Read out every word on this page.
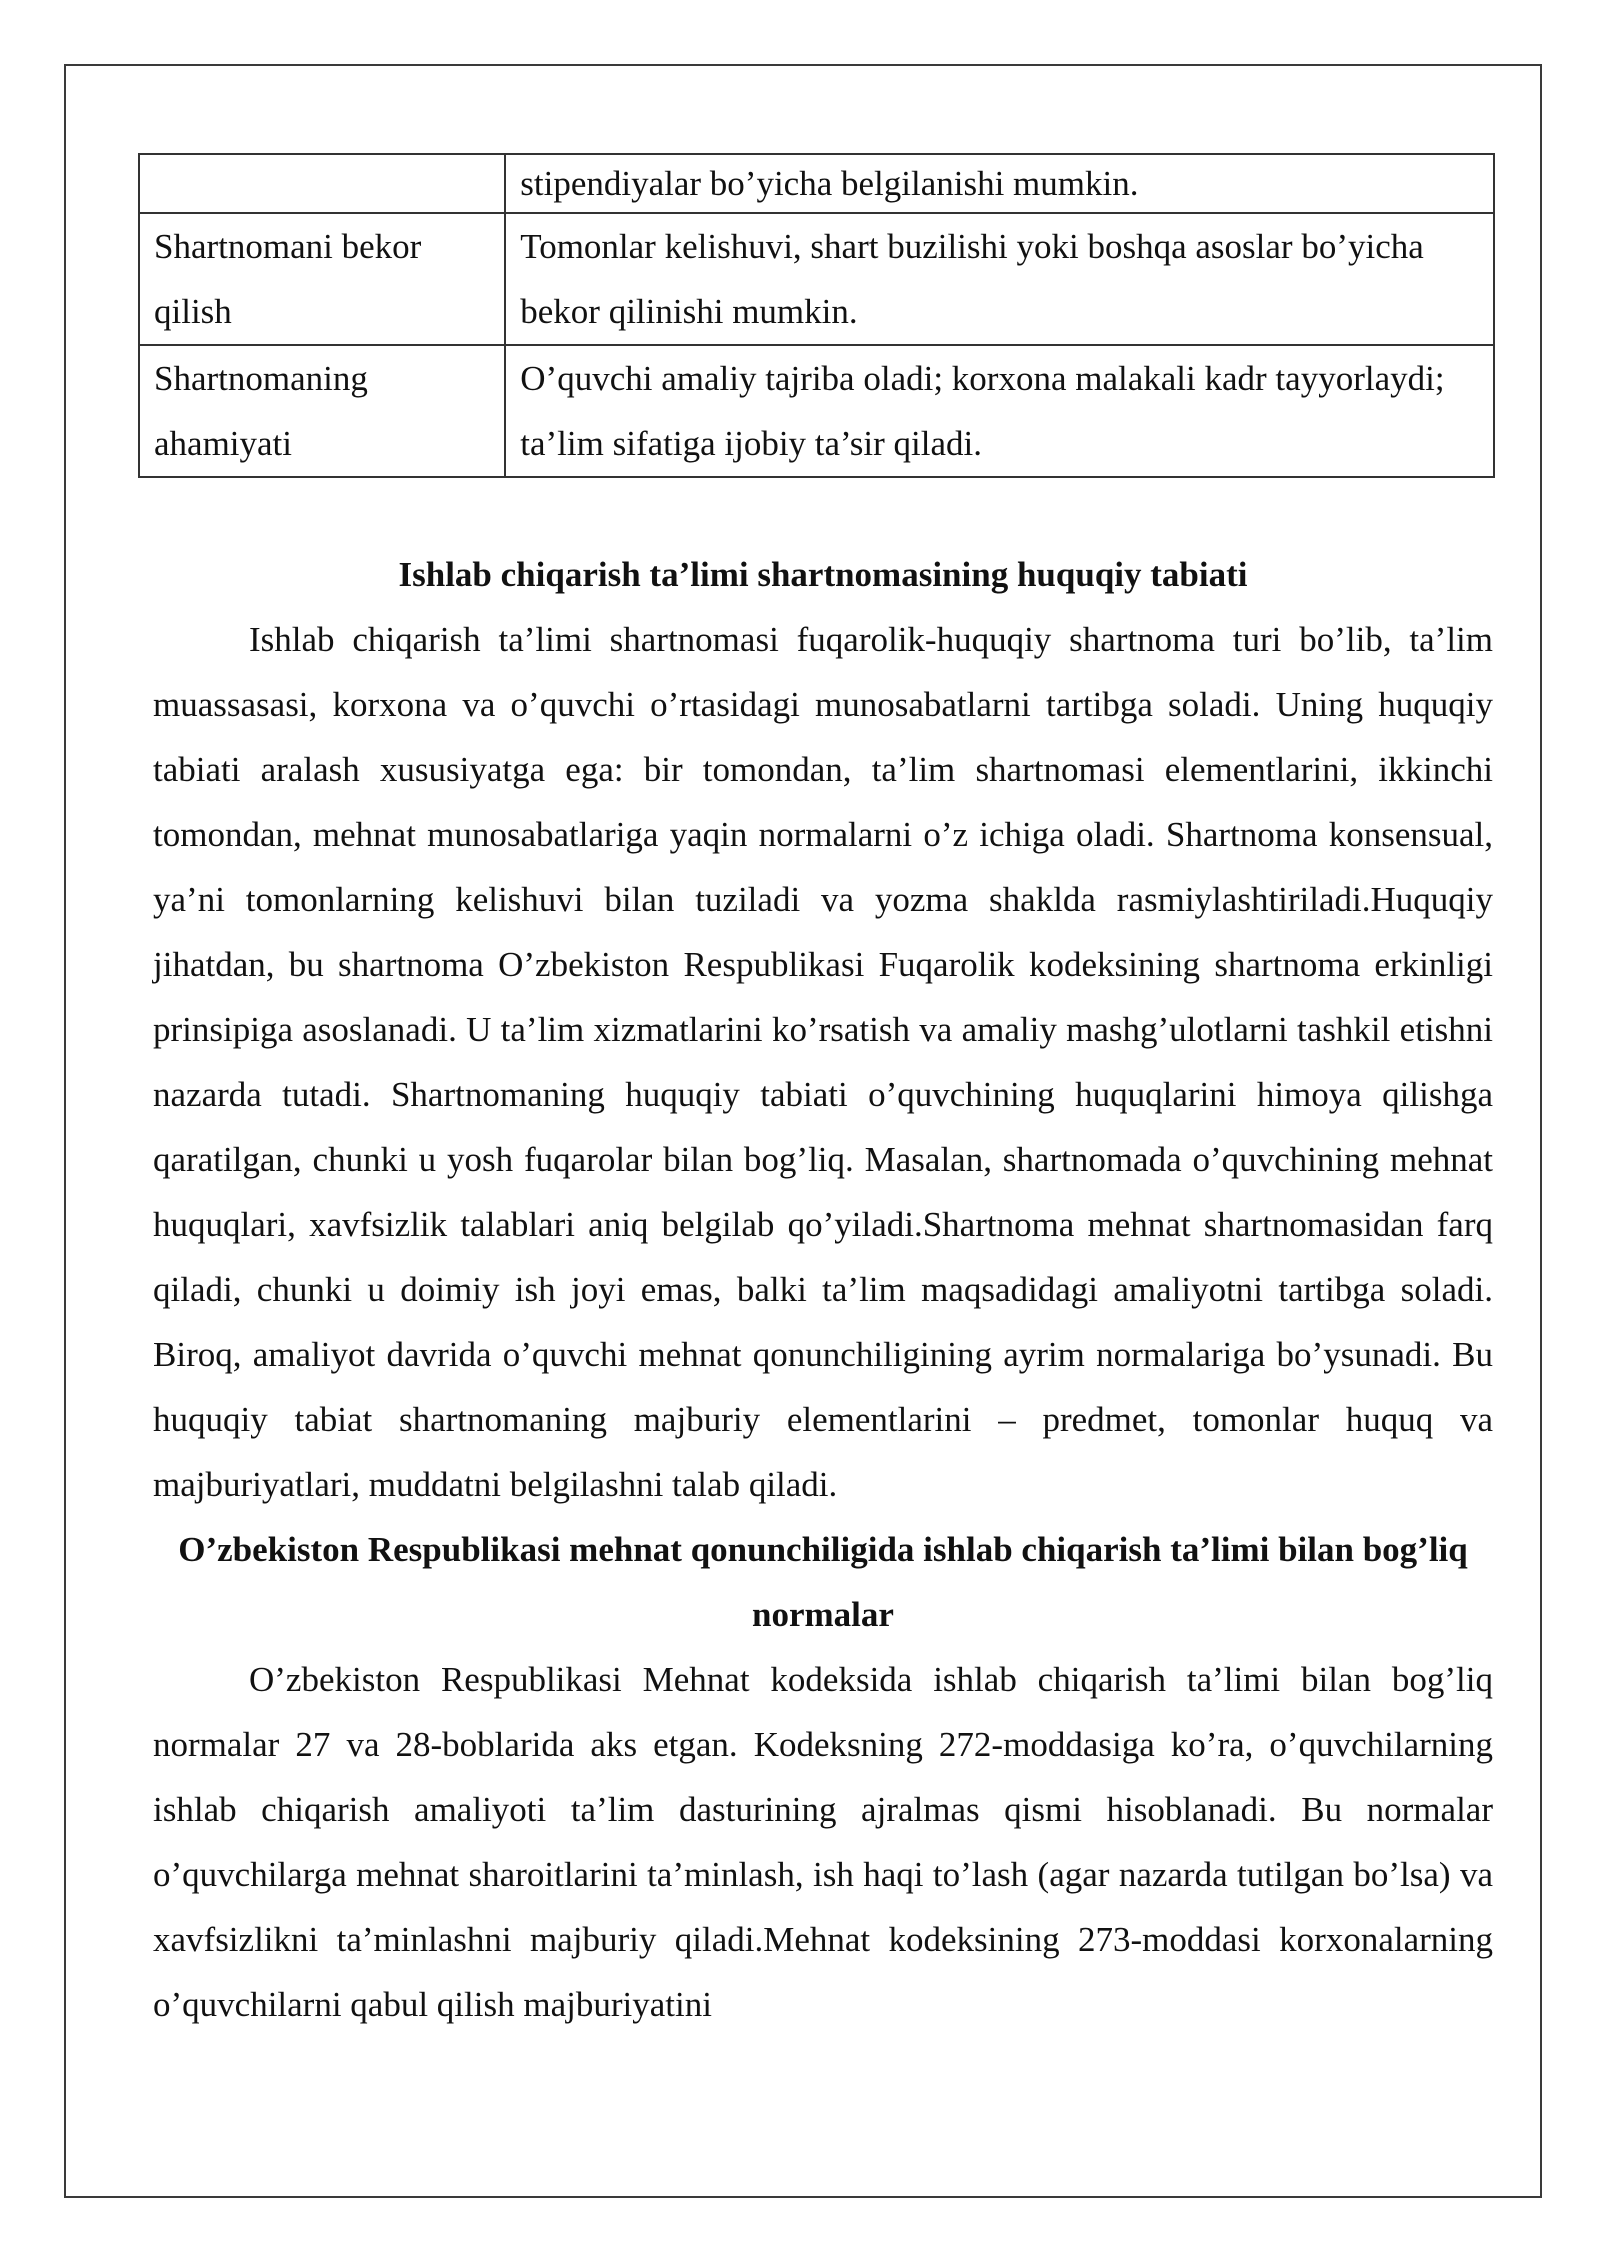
	stipendiyalar bo’yicha belgilanishi mumkin.
Shartnomani bekor qilish	Tomonlar kelishuvi, shart buzilishi yoki boshqa asoslar bo’yicha bekor qilinishi mumkin.
Shartnomaning ahamiyati	O’quvchi amaliy tajriba oladi; korxona malakali kadr tayyorlaydi; ta’lim sifatiga ijobiy ta’sir qiladi.
Ishlab chiqarish ta’limi shartnomasining huquqiy tabiati

Ishlab chiqarish ta’limi shartnomasi fuqarolik-huquqiy shartnoma turi bo’lib, ta’lim muassasasi, korxona va o’quvchi o’rtasidagi munosabatlarni tartibga soladi. Uning huquqiy tabiati aralash xususiyatga ega: bir tomondan, ta’lim shartnomasi elementlarini, ikkinchi tomondan, mehnat munosabatlariga yaqin normalarni o’z ichiga oladi. Shartnoma konsensual, ya’ni tomonlarning kelishuvi bilan tuziladi va yozma shaklda rasmiylashtiriladi.Huquqiy jihatdan, bu shartnoma O’zbekiston Respublikasi Fuqarolik kodeksining shartnoma erkinligi prinsipiga asoslanadi. U ta’lim xizmatlarini ko’rsatish va amaliy mashg’ulotlarni tashkil etishni nazarda tutadi. Shartnomaning huquqiy tabiati o’quvchining huquqlarini himoya qilishga qaratilgan, chunki u yosh fuqarolar bilan bog’liq. Masalan, shartnomada o’quvchining mehnat huquqlari, xavfsizlik talablari aniq belgilab qo’yiladi.Shartnoma mehnat shartnomasidan farq qiladi, chunki u doimiy ish joyi emas, balki ta’lim maqsadidagi amaliyotni tartibga soladi. Biroq, amaliyot davrida o’quvchi mehnat qonunchiligining ayrim normalariga bo’ysunadi. Bu huquqiy tabiat shartnomaning majburiy elementlarini – predmet, tomonlar huquq va majburiyatlari, muddatni belgilashni talab qiladi.

O’zbekiston Respublikasi mehnat qonunchiligida ishlab chiqarish ta’limi bilan bog’liq normalar

O’zbekiston Respublikasi Mehnat kodeksida ishlab chiqarish ta’limi bilan bog’liq normalar 27 va 28-boblarida aks etgan. Kodeksning 272-moddasiga ko’ra, o’quvchilarning ishlab chiqarish amaliyoti ta’lim dasturining ajralmas qismi hisoblanadi. Bu normalar o’quvchilarga mehnat sharoitlarini ta’minlash, ish haqi to’lash (agar nazarda tutilgan bo’lsa) va xavfsizlikni ta’minlashni majburiy qiladi.Mehnat kodeksining 273-moddasi korxonalarning o’quvchilarni qabul qilish majburiyatini
